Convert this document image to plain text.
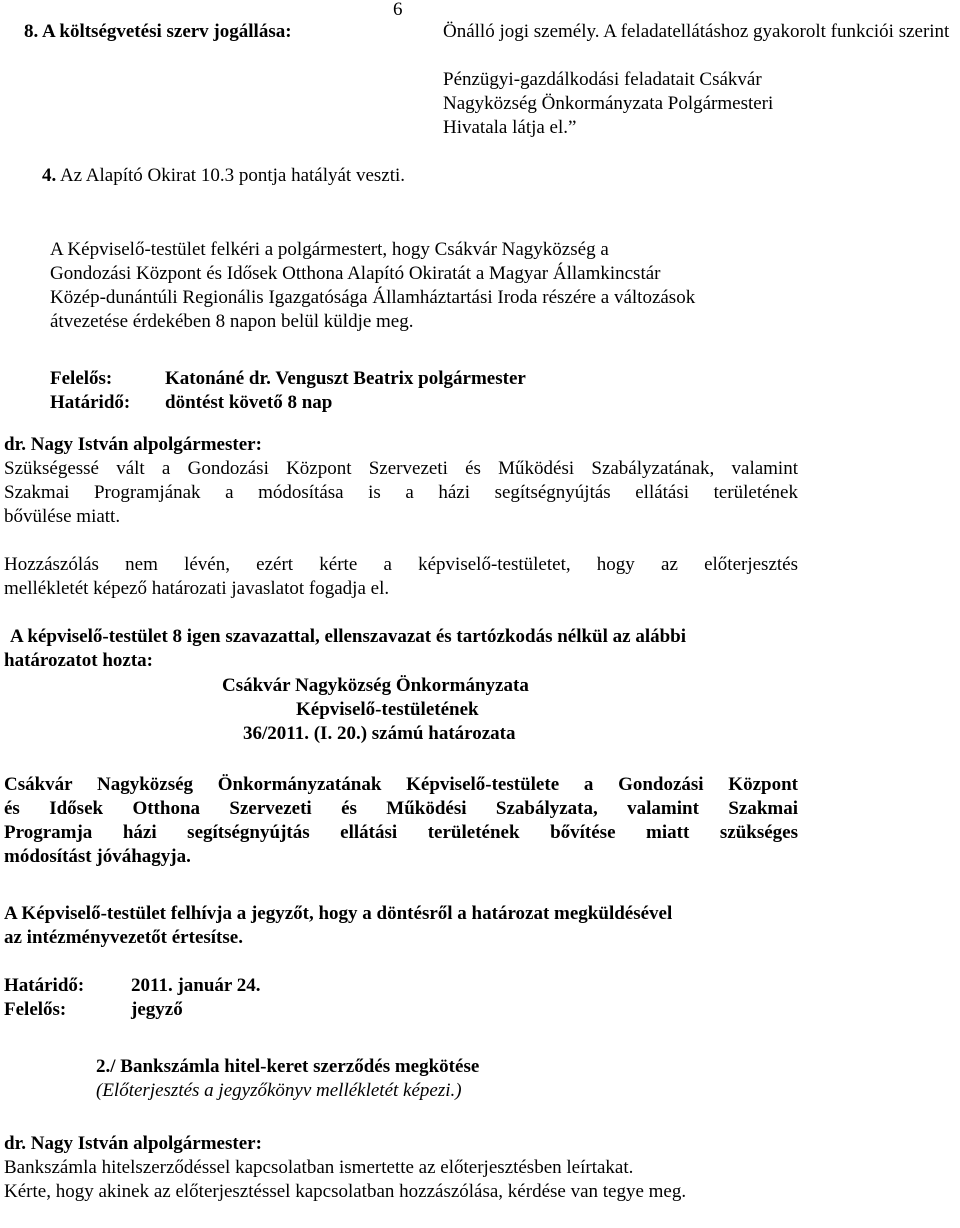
6
8. A költségvetési szerv jogállása:	Önálló jogi személy. A feladatellátáshoz gyakorolt funkciói szerint
Pénzügyi-gazdálkodási feladatait Csákvár
Nagyközség Önkormányzata Polgármesteri
Hivatala látja el.”
4. Az Alapító Okirat 10.3 pontja hatályát veszti.
A Képviselő-testület felkéri a polgármestert, hogy Csákvár Nagyközség a
Gondozási Központ és Idősek Otthona Alapító Okiratát a Magyar Államkincstár
Közép-dunántúli Regionális Igazgatósága Államháztartási Iroda részére a változások
átvezetése érdekében 8 napon belül küldje meg.
Felelős:	Katonáné dr. Venguszt Beatrix polgármester
Határidő: döntést követő 8 nap
dr. Nagy István alpolgármester:
Szükségessé vált a Gondozási Központ Szervezeti és Működési Szabályzatának, valamint
Szakmai Programjának a módosítása is a házi segítségnyújtás ellátási területének
bővülése miatt.
Hozzászólás nem lévén, ezért kérte a képviselő-testületet, hogy az előterjesztés
mellékletét képező határozati javaslatot fogadja el.
A képviselő-testület 8 igen szavazattal, ellenszavazat és tartózkodás nélkül az alábbi
határozatot hozta:
Csákvár Nagyközség Önkormányzata
Képviselő-testületének
36/2011. (I. 20.) számú határozata
Csákvár Nagyközség Önkormányzatának Képviselő-testülete a Gondozási Központ
és Idősek Otthona Szervezeti és Működési Szabályzata, valamint Szakmai
Programja házi segítségnyújtás ellátási területének bővítése miatt szükséges
módosítást jóváhagyja.
A Képviselő-testület felhívja a jegyzőt, hogy a döntésről a határozat megküldésével
az intézményvezetőt értesítse.
Határidő: 2011. január 24.
Felelős:	jegyző
2./ Bankszámla hitel-keret szerződés megkötése
(Előterjesztés a jegyzőkönyv mellékletét képezi.)
dr. Nagy István alpolgármester:
Bankszámla hitelszerződéssel kapcsolatban ismertette az előterjesztésben leírtakat.
Kérte, hogy akinek az előterjesztéssel kapcsolatban hozzászólása, kérdése van tegye meg.
